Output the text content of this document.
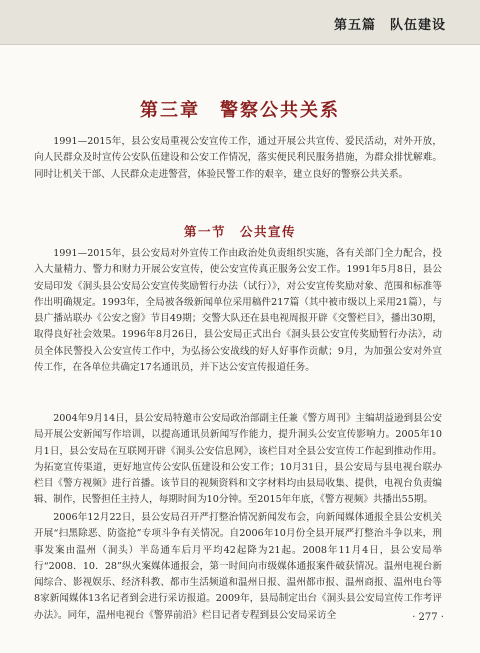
第五篇　队伍建设
第三章　警察公共关系

1991—2015年，县公安局重视公安宣传工作，通过开展公共宣传、爱民活动，对外开放，向人民群众及时宣传公安队伍建设和公安工作情况，落实便民利民服务措施，为群众排忧解难。同时让机关干部、人民群众走进警营，体验民警工作的艰辛，建立良好的警察公共关系。

第一节　公共宣传

1991—2015年，县公安局对外宣传工作由政治处负责组织实施，各有关部门全力配合，投入大量精力、警力和财力开展公安宣传，使公安宣传真正服务公安工作。1991年5月8日，县公安局印发《洞头县公安局公安宣传奖励暂行办法（试行）》，对公安宣传奖励对象、范围和标准等作出明确规定。1993年，全局被各级新闻单位采用稿件217篇（其中被市级以上采用21篇），与县广播站联办《公安之窗》节目49期；交警大队还在县电视周报开辟《交警栏目》，播出30期，取得良好社会效果。1996年8月26日，县公安局正式出台《洞头县公安宣传奖励暂行办法》，动员全体民警投入公安宣传工作中，为弘扬公安战线的好人好事作贡献；9月，为加强公安对外宣传工作，在各单位共确定17名通讯员，并下达公安宣传报道任务。

2004年9月14日，县公安局特邀市公安局政治部副主任兼《警方周刊》主编胡益逊到县公安局开展公安新闻写作培训，以提高通讯员新闻写作能力，提升洞头公安宣传影响力。2005年10月1日，县公安局在互联网开辟《洞头公安信息网》，该栏目对全县公安宣传工作起到推动作用。为拓宽宣传渠道，更好地宣传公安队伍建设和公安工作；10月31日，县公安局与县电视台联办栏目《警方视频》进行首播。该节目的视频资料和文字材料均由县局收集、提供，电视台负责编辑、制作，民警担任主持人，每期时间为10分钟。至2015年年底，《警方视频》共播出55期。

2006年12月22日，县公安局召开严打整治情况新闻发布会，向新闻媒体通报全县公安机关开展“扫黑除恶、防盗抢”专项斗争有关情况。自2006年10月份全县开展严打整治斗争以来，刑事发案由温州（洞头）半岛通车后月平均42起降为21起。2008年11月4日，县公安局举行“2008．10．28”纵火案媒体通报会，第一时间向市级媒体通报案件破获情况。温州电视台新闻综合、影视娱乐、经济科教、都市生活频道和温州日报、温州都市报、温州商报、温州电台等8家新闻媒体13名记者到会进行采访报道。2009年，县局制定出台《洞头县公安局宣传工作考评办法》。同年，温州电视台《警界前沿》栏目记者专程到县公安局采访全	· 277 ·
